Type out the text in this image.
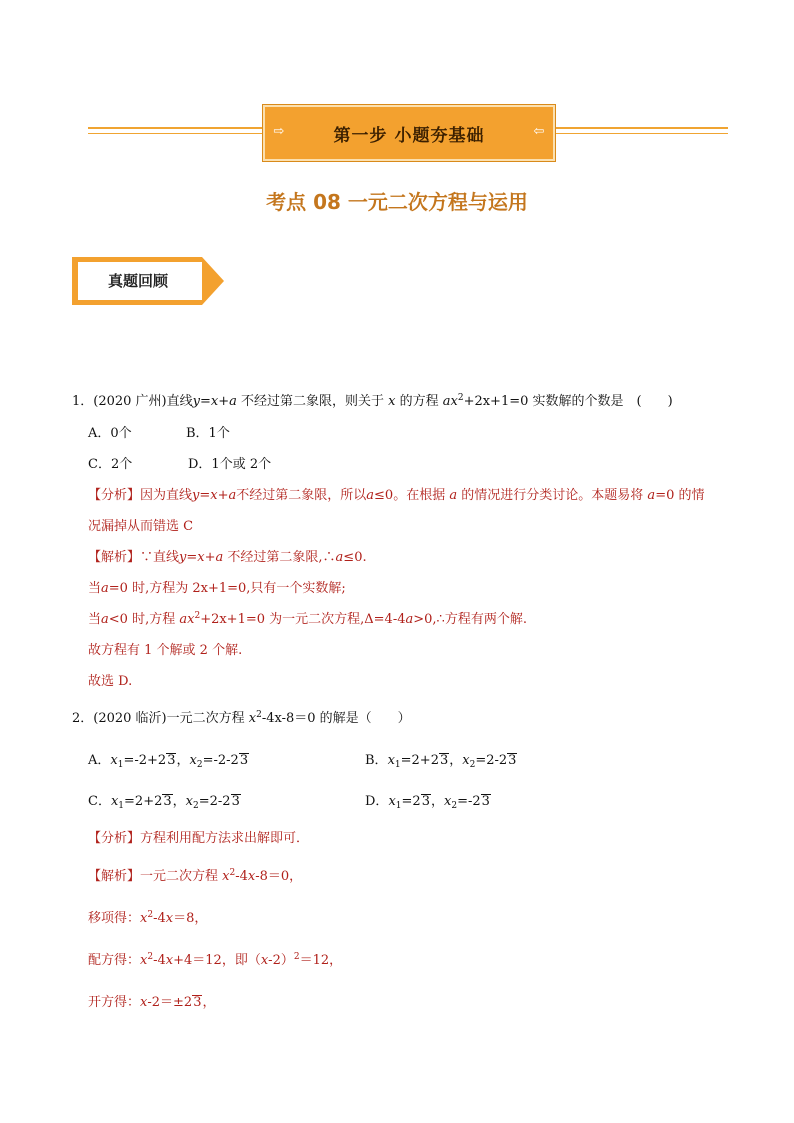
⇨	第一步 小题夯基础	⇦
考点 08 一元二次方程与运用
真题回顾
1．(2020 广州)直线y=x+a 不经过第二象限，则关于 x 的方程 $ax^2+2x+1=0$ 实数解的个数是　(　　)
A．0个	B．1个
C．2个	D．1个或 2个
【分析】因为直线y=x+a不经过第二象限，所以a≤0。在根据 a 的情况进行分类讨论。本题易将 a=0 的情
况漏掉从而错选 C
【解析】∵直线y=x+a 不经过第二象限,∴a≤0.
当a=0 时,方程为 2x+1=0,只有一个实数解;
当a<0 时,方程 $ax^2+2x+1=0$ 为一元二次方程,Δ=4-4a>0,∴方程有两个解.
故方程有 1 个解或 2 个解.
故选 D.
2．(2020 临沂)一元二次方程 $x^2-4x-8=0$ 的解是（　　）
A．$x_1=-2+23$，$x_2=-2-23$	B．$x_1=2+23$，$x_2=2-23$
C．$x_1=2+23$，$x_2=2-23$	D．$x_1=23$，$x_2=-23$
【分析】方程利用配方法求出解即可．
【解析】一元二次方程 $x^2-4x-8=0$，
移项得：$x^2-4x=8$，
配方得：$x^2-4x+4=12$，即$(x-2)^2=12$，
开方得：x-2＝±23，
